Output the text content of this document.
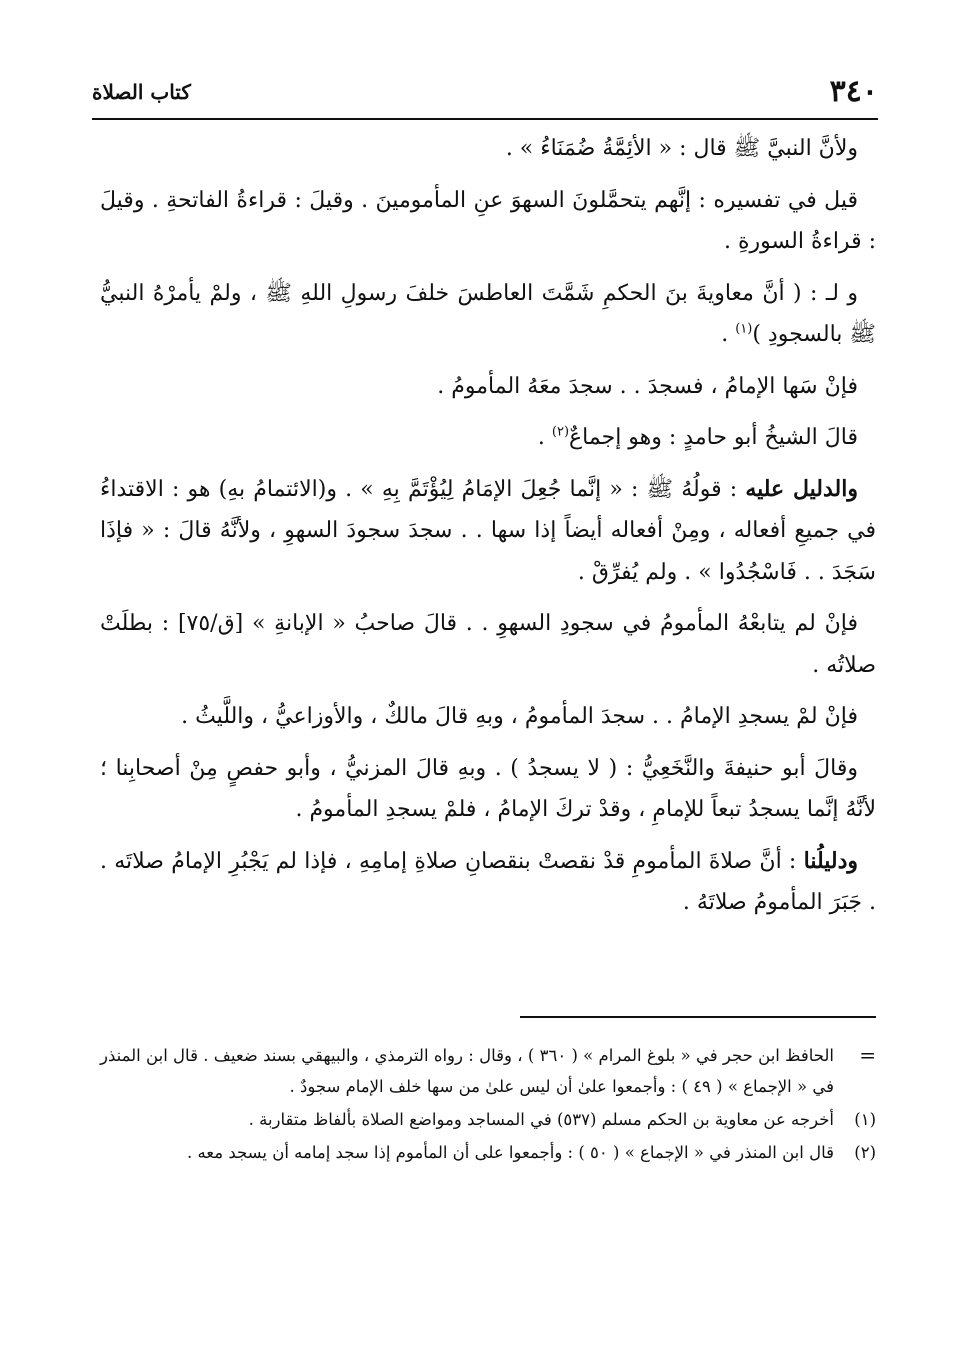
٣٤٠
كتاب الصلاة

ولأنَّ النبيَّ ﷺ قال : « الأئِمَّةُ ضُمَنَاءُ » .

قيل في تفسيره : إنَّهم يتحمَّلونَ السهوَ عنِ المأمومينَ . وقيلَ : قراءةُ الفاتحةِ . وقيلَ : قراءةُ السورةِ .

و لـ : ( أنَّ معاويةَ بنَ الحكمِ شَمَّتَ العاطسَ خلفَ رسولِ اللهِ ﷺ ، ولمْ يأمرْهُ النبيُّ ﷺ بالسجودِ )$^{(١)}$ .

فإنْ سَها الإمامُ ، فسجدَ . . سجدَ معَهُ المأمومُ .

قالَ الشيخُ أبو حامدٍ : وهو إجماعٌ$^{(٢)}$ .

والدليل عليه : قولُهُ ﷺ : « إنَّما جُعِلَ الإمَامُ لِيُؤْتَمَّ بِهِ » . و(الائتمامُ بهِ) هو : الاقتداءُ في جميعِ أفعاله ، ومِنْ أفعاله أيضاً إذا سها . . سجدَ سجودَ السهوِ ، ولأنَّهُ قالَ : « فإذَا سَجَدَ . . فَاسْجُدُوا » . ولم يُفرِّقْ .

فإنْ لم يتابعْهُ المأمومُ في سجودِ السهوِ . . قالَ صاحبُ « الإبانةِ » [ق/٧٥] : بطلَتْ صلاتُه .

فإنْ لمْ يسجدِ الإمامُ . . سجدَ المأمومُ ، وبهِ قالَ مالكٌ ، والأوزاعيُّ ، واللَّيثُ .

وقالَ أبو حنيفةَ والنَّخَعِيُّ : ( لا يسجدُ ) . وبهِ قالَ المزنيُّ ، وأبو حفصٍ مِنْ أصحابِنا ؛ لأنَّهُ إنَّما يسجدُ تبعاً للإمامِ ، وقدْ تركَ الإمامُ ، فلمْ يسجدِ المأمومُ .

ودليلُنا : أنَّ صلاةَ المأمومِ قدْ نقصتْ بنقصانِ صلاةِ إمامِهِ ، فإذا لم يَجْبُرِ الإمامُ صلاتَه . . جَبَرَ المأمومُ صلاتَهُ .

=
الحافظ ابن حجر في « بلوغ المرام » ( ٣٦٠ ) ، وقال : رواه الترمذي ، والبيهقي بسند ضعيف . قال ابن المنذر في « الإجماع » ( ٤٩ ) : وأجمعوا علىٰ أن ليس علىٰ من سها خلف الإمام سجودٌ .
(١)
أخرجه عن معاوية بن الحكم مسلم (٥٣٧) في المساجد ومواضع الصلاة بألفاظ متقاربة .
(٢)
قال ابن المنذر في « الإجماع » ( ٥٠ ) : وأجمعوا على أن المأموم إذا سجد إمامه أن يسجد معه .
